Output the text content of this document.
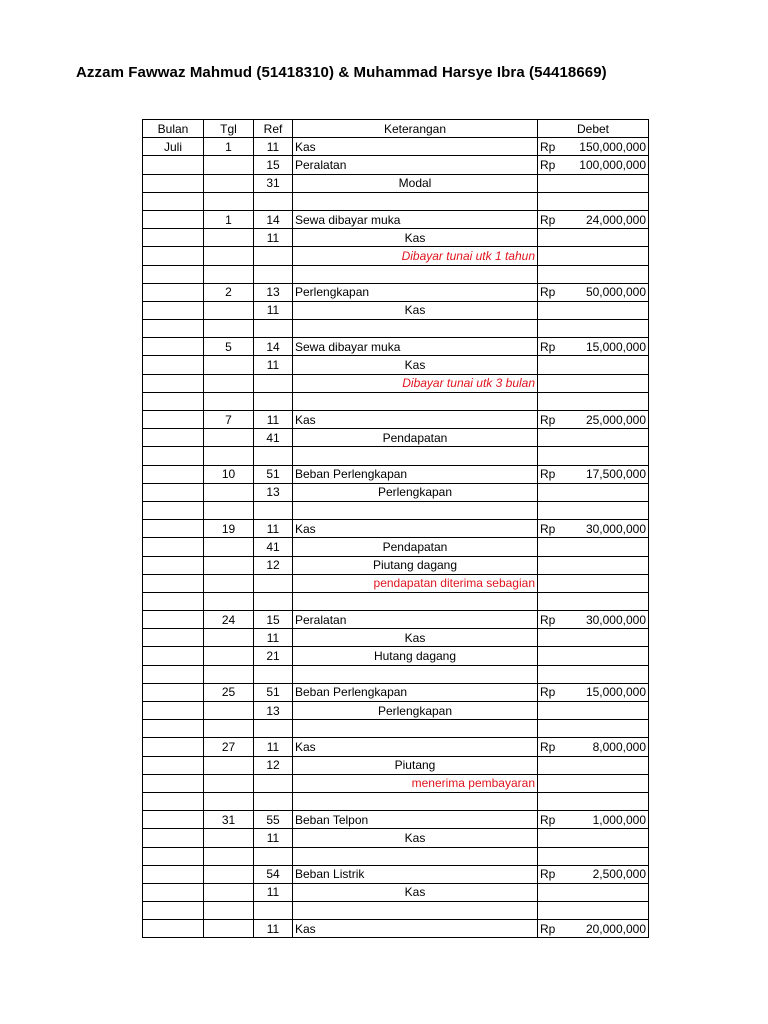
Azzam Fawwaz Mahmud (51418310) & Muhammad Harsye Ibra (54418669)
Bulan	Tgl	Ref	Keterangan	Debet
Juli	1	11	Kas	Rp 150,000,000

		15	Peralatan	Rp 100,000,000

		31	Modal	

	1	14	Sewa dibayar muka	Rp 24,000,000

		11	Kas	
			Dibayar tunai utk 1 tahun	

	2	13	Perlengkapan	Rp 50,000,000

		11	Kas	

	5	14	Sewa dibayar muka	Rp 15,000,000

		11	Kas	
			Dibayar tunai utk 3 bulan	

	7	11	Kas	Rp 25,000,000

		41	Pendapatan	

	10	51	Beban Perlengkapan	Rp 17,500,000

		13	Perlengkapan	

	19	11	Kas	Rp 30,000,000

		41	Pendapatan	
		12	Piutang dagang	
			pendapatan diterima sebagian	

	24	15	Peralatan	Rp 30,000,000

		11	Kas	
		21	Hutang dagang	

	25	51	Beban Perlengkapan	Rp 15,000,000

		13	Perlengkapan	

	27	11	Kas	Rp 8,000,000

		12	Piutang	
			menerima pembayaran	

	31	55	Beban Telpon	Rp 1,000,000

		11	Kas	

		54	Beban Listrik	Rp 2,500,000

		11	Kas	

		11	Kas	Rp 20,000,000
